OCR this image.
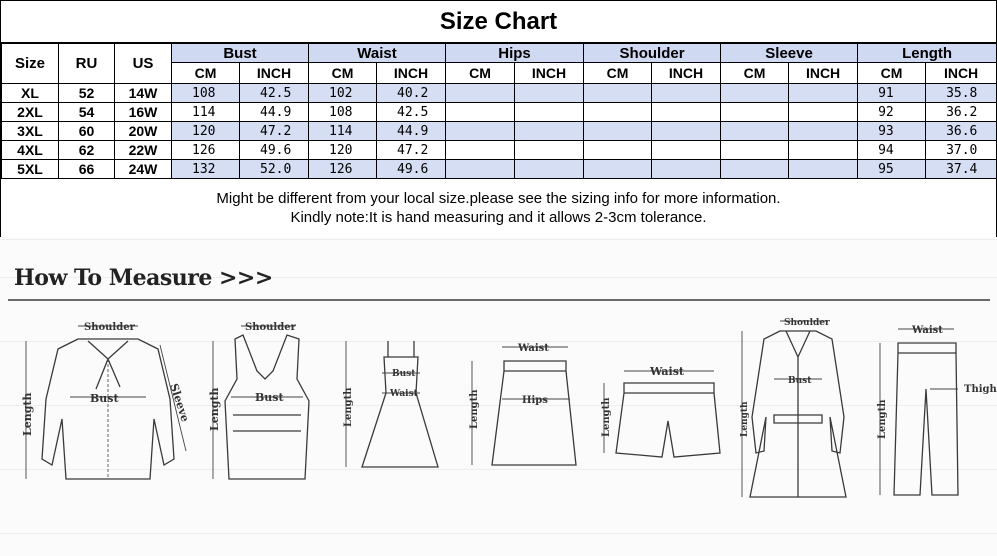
Size Chart
Size	RU	US	Bust		Waist		Hips		Shoulder		Sleeve		Length	
			CM	INCH	CM	INCH	CM	INCH	CM	INCH	CM	INCH	CM	INCH
XL	52	14W	108	42.5	102	40.2							91	35.8
2XL	54	16W	114	44.9	108	42.5							92	36.2
3XL	60	20W	120	47.2	114	44.9							93	36.6
4XL	62	22W	126	49.6	120	47.2							94	37.0
5XL	66	24W	132	52.0	126	49.6							95	37.4
Might be different from your local size.please see the sizing info for more information.
Kindly note:It is hand measuring and it allows 2-3cm tolerance.
How To Measure >>>
Shoulder
Bust
Length	Sleeve
Shoulder
Bust
Length
Bust
Waist
Length
Waist
Hips
Length
Waist
Length
Shoulder
Bust
Length
Waist
Thigh
Length
